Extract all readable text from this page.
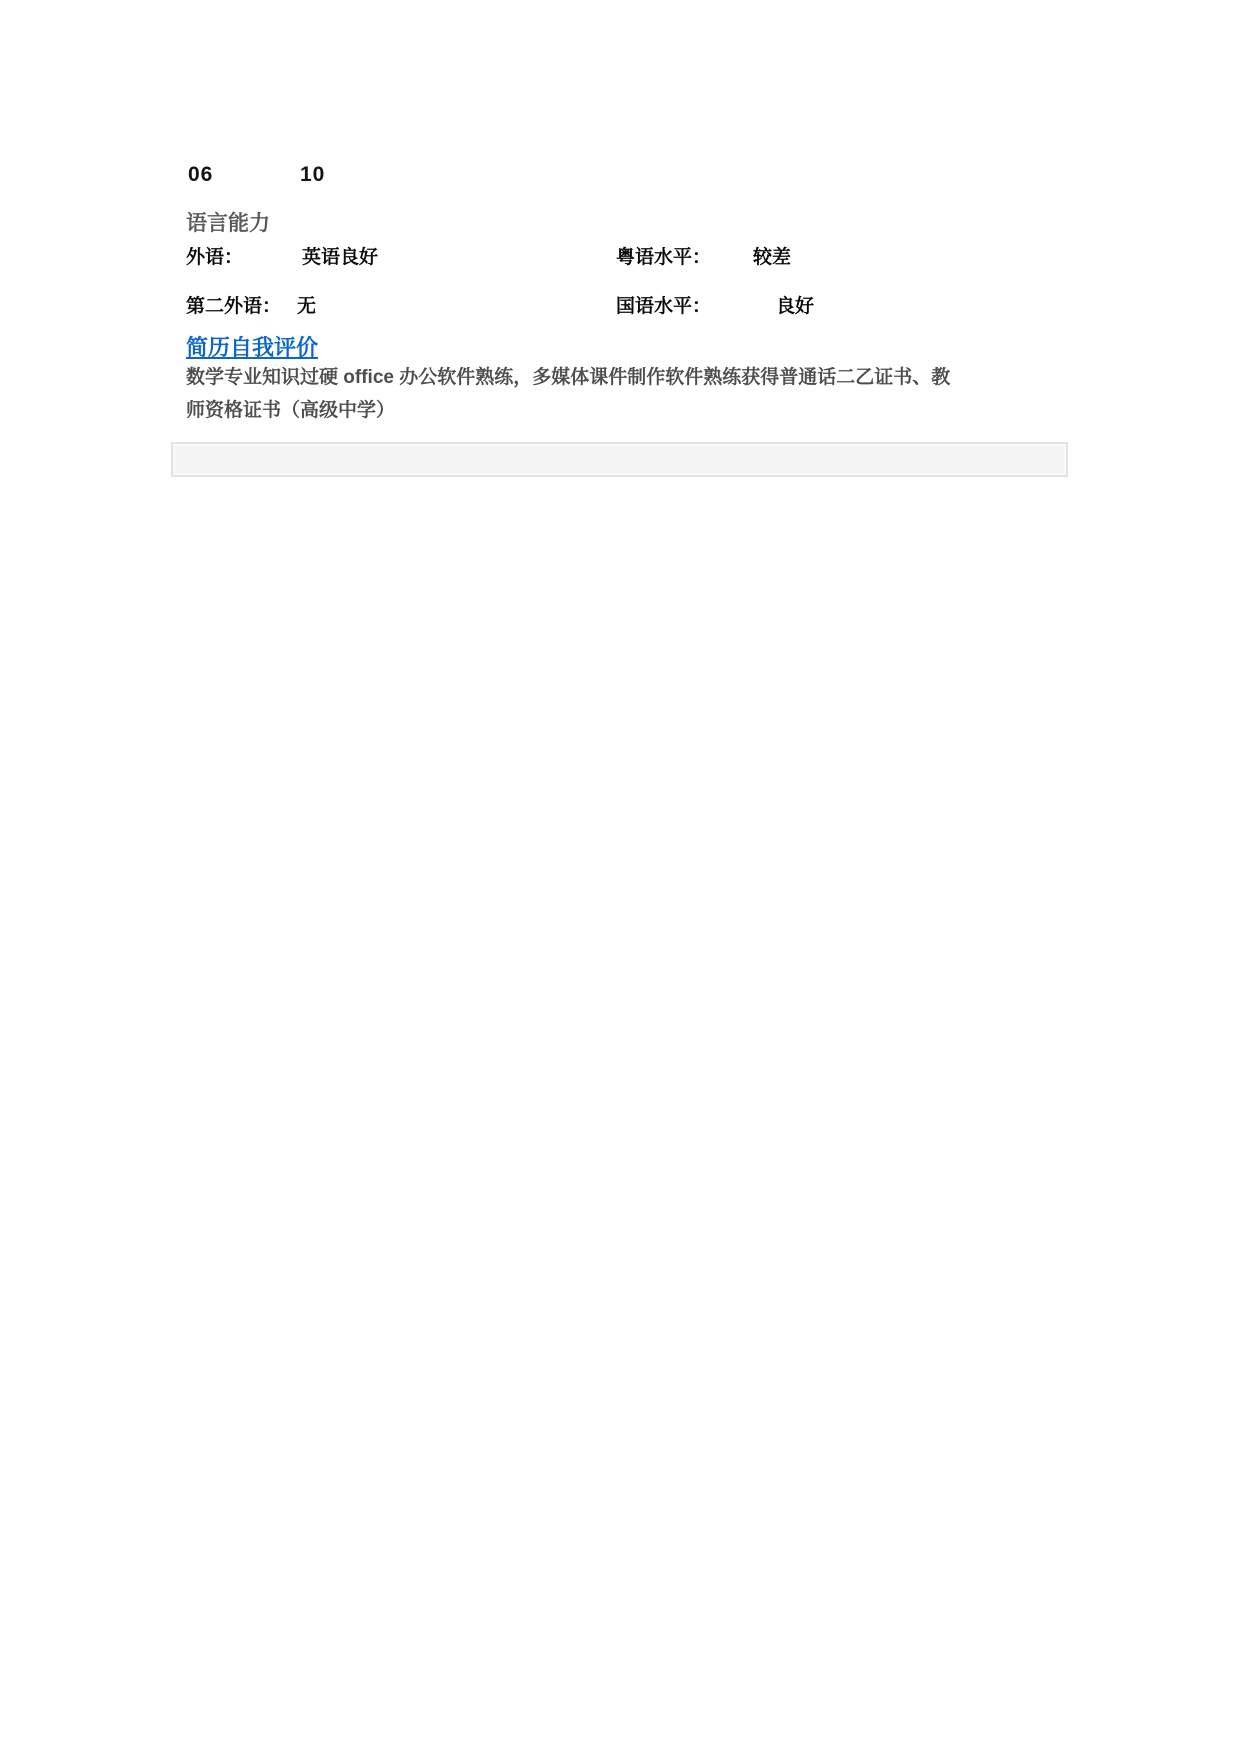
06	10
语言能力
外语：	英语良好	粤语水平： 较差
第二外语： 无	国语水平：	良好
简历自我评价
数学专业知识过硬 office 办公软件熟练，多媒体课件制作软件熟练获得普通话二乙证书、教师资格证书（高级中学）
